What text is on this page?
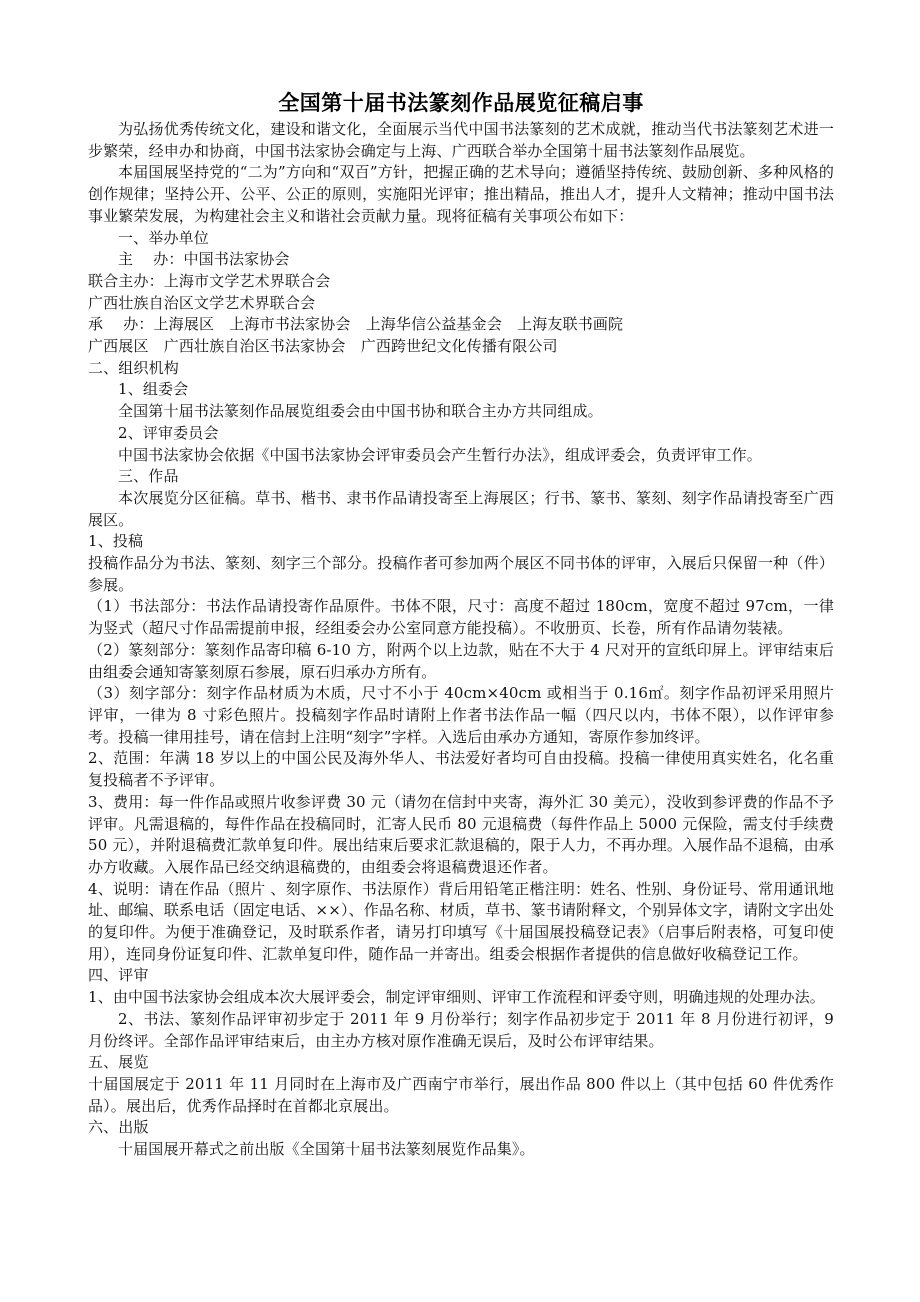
全国第十届书法篆刻作品展览征稿启事

为弘扬优秀传统文化，建设和谐文化，全面展示当代中国书法篆刻的艺术成就，推动当代书法篆刻艺术进一步繁荣，经申办和协商，中国书法家协会确定与上海、广西联合举办全国第十届书法篆刻作品展览。

本届国展坚持党的“二为”方向和“双百”方针，把握正确的艺术导向；遵循坚持传统、鼓励创新、多种风格的创作规律；坚持公开、公平、公正的原则，实施阳光评审；推出精品，推出人才，提升人文精神；推动中国书法事业繁荣发展，为构建社会主义和谐社会贡献力量。现将征稿有关事项公布如下：

一、举办单位

主　 办：中国书法家协会

联合主办：上海市文学艺术界联合会

广西壮族自治区文学艺术界联合会

承　 办：上海展区　上海市书法家协会　上海华信公益基金会　上海友联书画院

广西展区　广西壮族自治区书法家协会　广西跨世纪文化传播有限公司

二、组织机构

1、组委会

全国第十届书法篆刻作品展览组委会由中国书协和联合主办方共同组成。

2、评审委员会

中国书法家协会依据《中国书法家协会评审委员会产生暂行办法》，组成评委会，负责评审工作。

三、作品

本次展览分区征稿。草书、楷书、隶书作品请投寄至上海展区；行书、篆书、篆刻、刻字作品请投寄至广西展区。

1、投稿

投稿作品分为书法、篆刻、刻字三个部分。投稿作者可参加两个展区不同书体的评审，入展后只保留一种（件）参展。

（1）书法部分：书法作品请投寄作品原件。书体不限，尺寸：高度不超过 180cm，宽度不超过 97cm，一律为竖式（超尺寸作品需提前申报，经组委会办公室同意方能投稿）。不收册页、长卷，所有作品请勿装裱。

（2）篆刻部分：篆刻作品寄印稿 6-10 方，附两个以上边款，贴在不大于 4 尺对开的宣纸印屏上。评审结束后由组委会通知寄篆刻原石参展，原石归承办方所有。

（3）刻字部分：刻字作品材质为木质，尺寸不小于 40cm×40cm 或相当于 0.16㎡。刻字作品初评采用照片评审，一律为 8 寸彩色照片。投稿刻字作品时请附上作者书法作品一幅（四尺以内，书体不限），以作评审参考。投稿一律用挂号，请在信封上注明“刻字”字样。入选后由承办方通知，寄原作参加终评。

2、范围：年满 18 岁以上的中国公民及海外华人、书法爱好者均可自由投稿。投稿一律使用真实姓名，化名重复投稿者不予评审。

3、费用：每一件作品或照片收参评费 30 元（请勿在信封中夹寄，海外汇 30 美元），没收到参评费的作品不予评审。凡需退稿的，每件作品在投稿同时，汇寄人民币 80 元退稿费（每件作品上 5000 元保险，需支付手续费 50 元），并附退稿费汇款单复印件。展出结束后要求汇款退稿的，限于人力，不再办理。入展作品不退稿，由承办方收藏。入展作品已经交纳退稿费的，由组委会将退稿费退还作者。

4、说明：请在作品（照片 、刻字原作、书法原作）背后用铅笔正楷注明：姓名、性别、身份证号、常用通讯地址、邮编、联系电话（固定电话、××）、作品名称、材质，草书、篆书请附释文，个别异体文字，请附文字出处的复印件。为便于准确登记，及时联系作者，请另打印填写《十届国展投稿登记表》（启事后附表格，可复印使用），连同身份证复印件、汇款单复印件，随作品一并寄出。组委会根据作者提供的信息做好收稿登记工作。

四、评审

1、由中国书法家协会组成本次大展评委会，制定评审细则、评审工作流程和评委守则，明确违规的处理办法。

2、书法、篆刻作品评审初步定于 2011 年 9 月份举行；刻字作品初步定于 2011 年 8 月份进行初评，9 月份终评。全部作品评审结束后，由主办方核对原作准确无误后，及时公布评审结果。

五、展览

十届国展定于 2011 年 11 月同时在上海市及广西南宁市举行，展出作品 800 件以上（其中包括 60 件优秀作品）。展出后，优秀作品择时在首都北京展出。

六、出版

十届国展开幕式之前出版《全国第十届书法篆刻展览作品集》。
